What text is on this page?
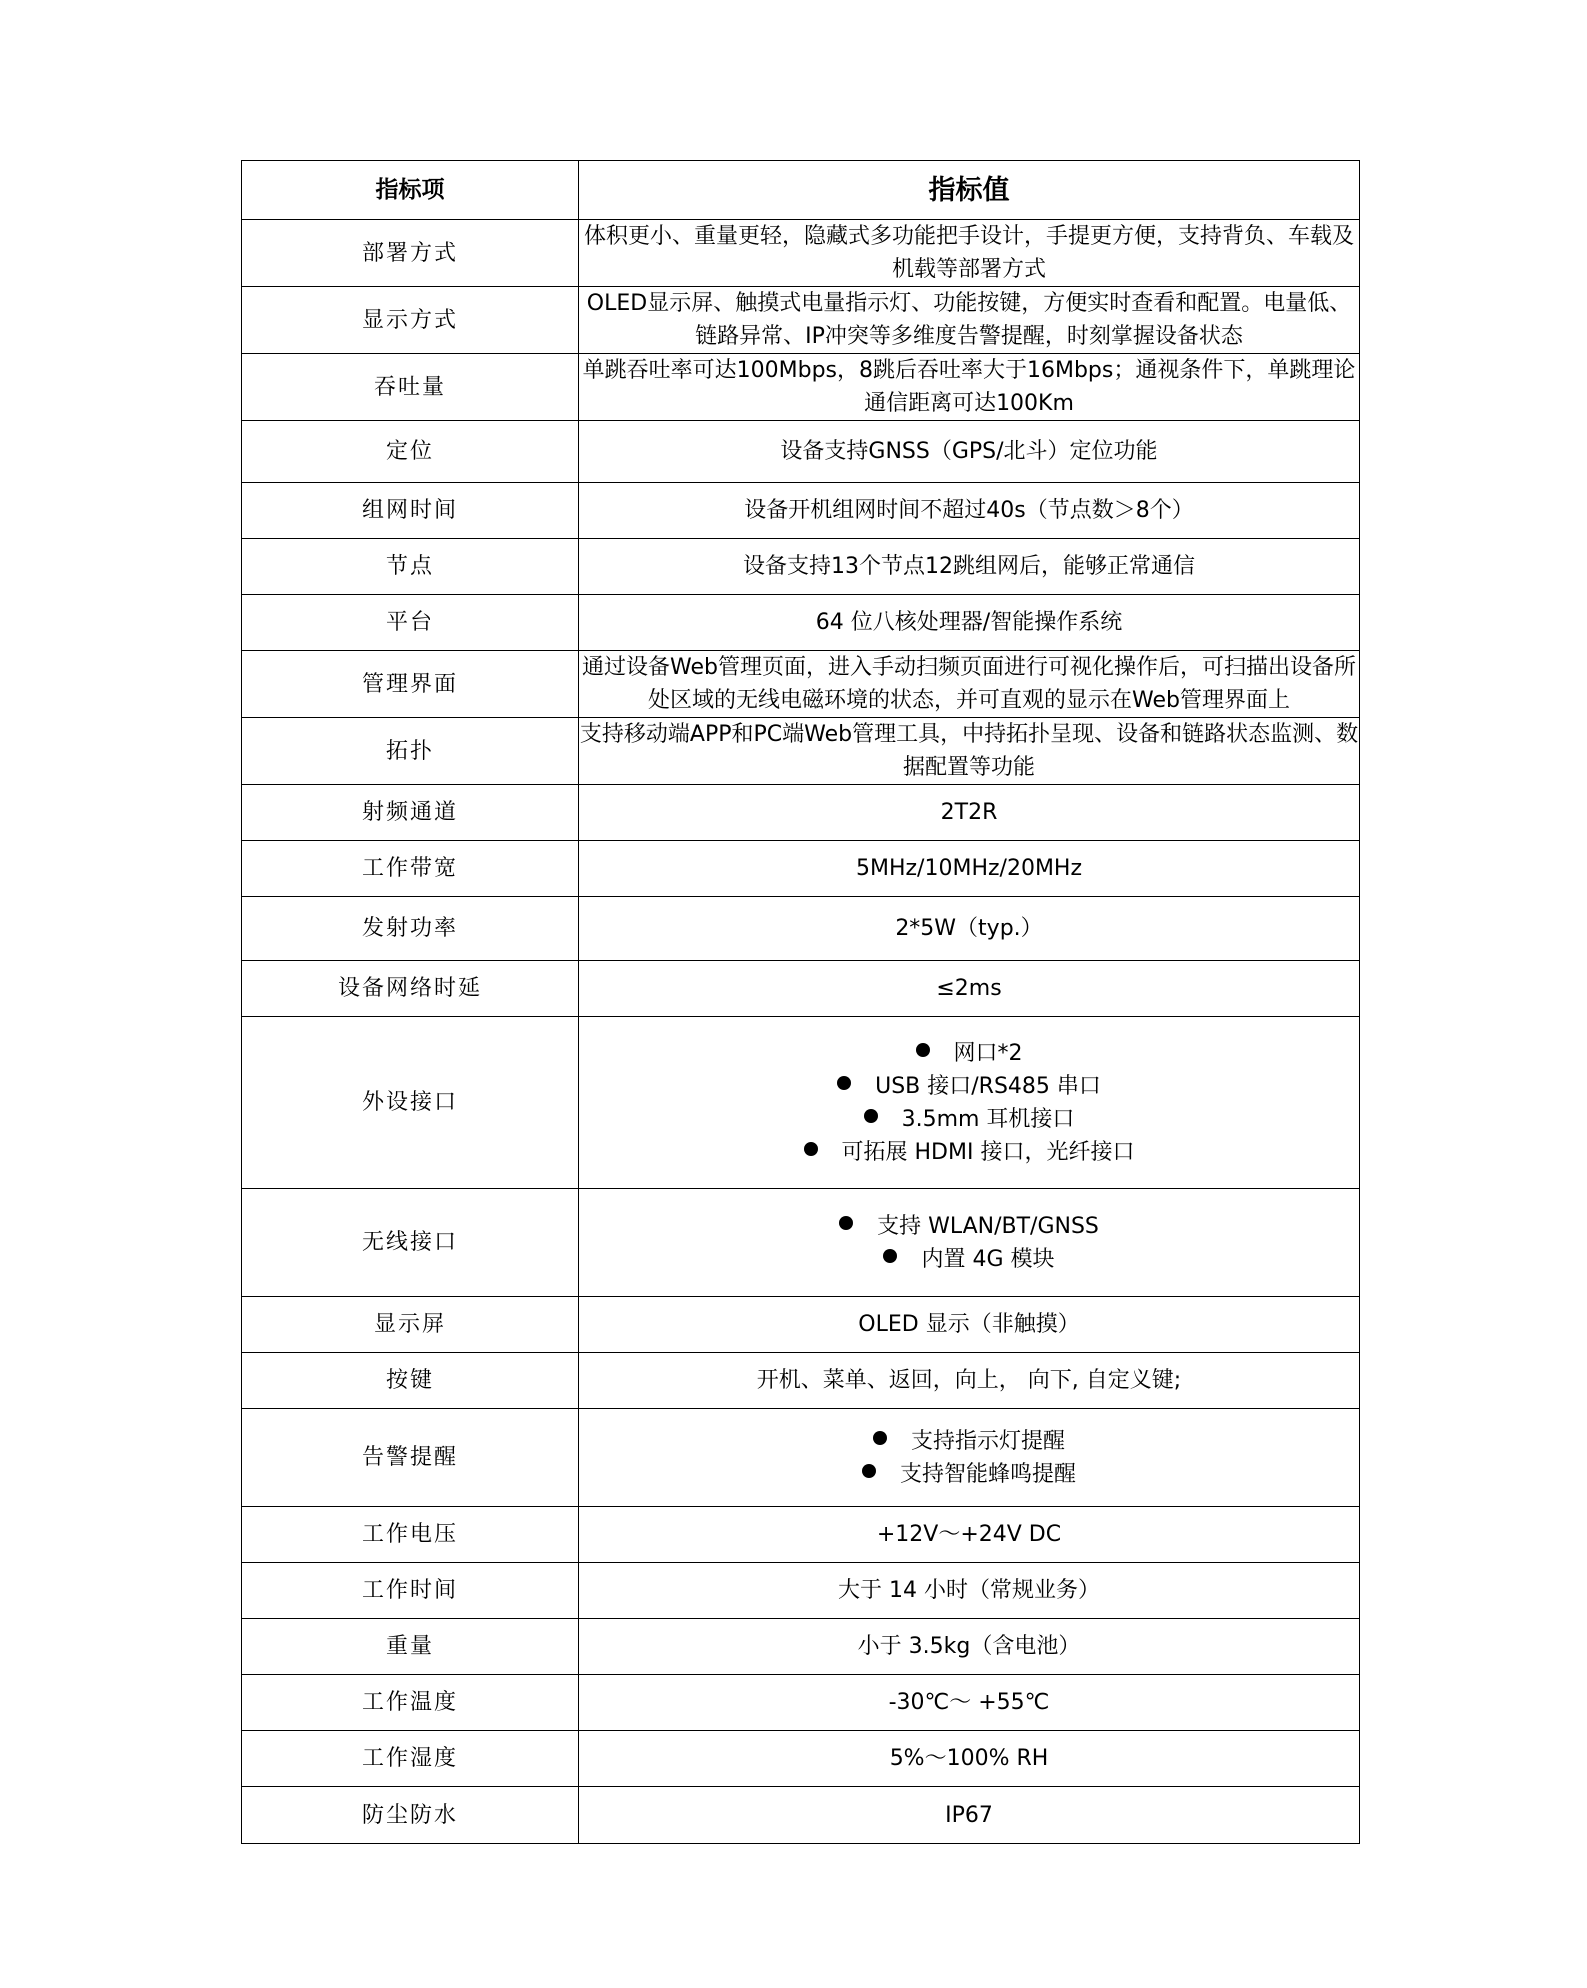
指标项	指标值
部署方式	体积更小、重量更轻，隐藏式多功能把手设计，手提更方便，支持背负、车载及机载等部署方式
显示方式	OLED显示屏、触摸式电量指示灯、功能按键，方便实时查看和配置。电量低、链路异常、IP冲突等多维度告警提醒，时刻掌握设备状态
吞吐量	单跳吞吐率可达100Mbps，8跳后吞吐率大于16Mbps；通视条件下，单跳理论通信距离可达100Km
定位	设备支持GNSS（GPS/北斗）定位功能
组网时间	设备开机组网时间不超过40s（节点数＞8个）
节点	设备支持13个节点12跳组网后，能够正常通信
平台	64 位八核处理器/智能操作系统
管理界面	通过设备Web管理页面，进入手动扫频页面进行可视化操作后，可扫描出设备所处区域的无线电磁环境的状态，并可直观的显示在Web管理界面上
拓扑	支持移动端APP和PC端Web管理工具，中持拓扑呈现、设备和链路状态监测、数据配置等功能
射频通道	2T2R
工作带宽	5MHz/10MHz/20MHz
发射功率	2*5W（typ.）
设备网络时延	≤2ms
外设接口	网口*2
USB 接口/RS485 串口
3.5mm 耳机接口
可拓展 HDMI 接口，光纤接口

无线接口	支持 WLAN/BT/GNSS
内置 4G 模块

显示屏	OLED 显示（非触摸）
按键	开机、菜单、返回，向上， 向下, 自定义键;
告警提醒	支持指示灯提醒
支持智能蜂鸣提醒

工作电压	+12V～+24V DC
工作时间	大于 14 小时（常规业务）
重量	小于 3.5kg（含电池）
工作温度	-30℃～ +55℃
工作湿度	5%～100% RH
防尘防水	IP67
